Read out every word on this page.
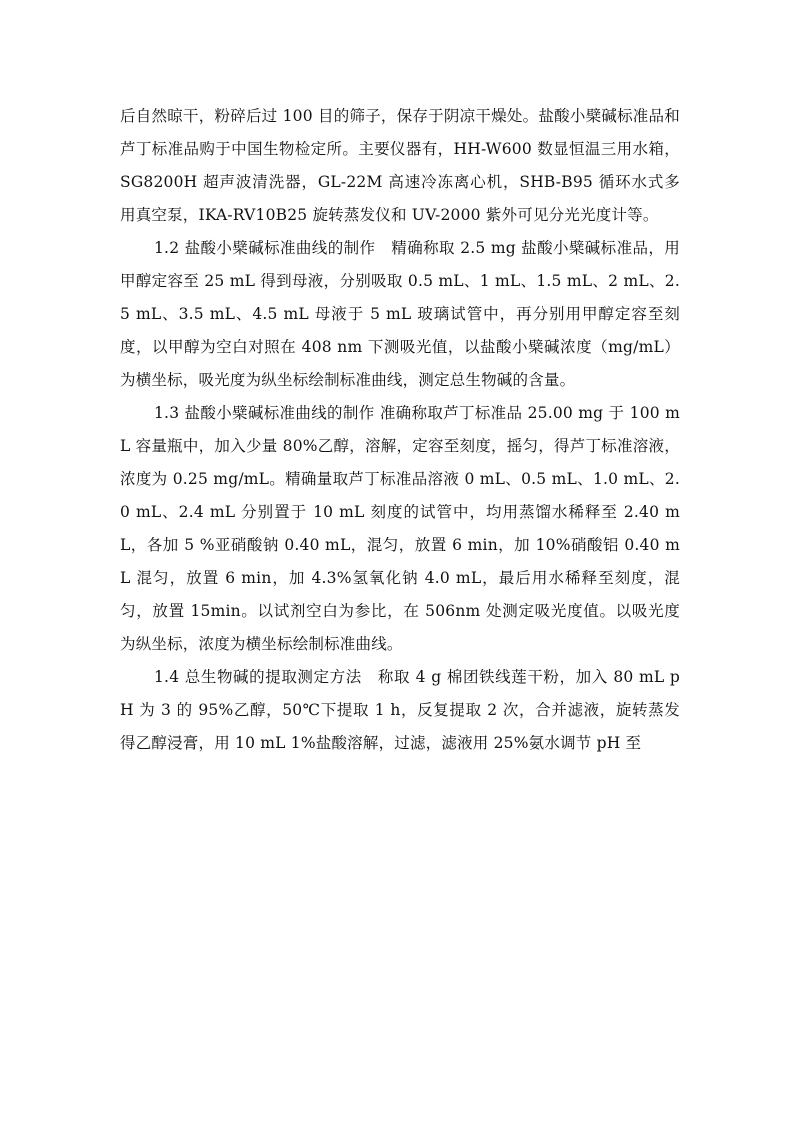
后自然晾干，粉碎后过 100 目的筛子，保存于阴凉干燥处。盐酸小檗碱标准品和芦丁标准品购于中国生物检定所。主要仪器有，HH-W600 数显恒温三用水箱，SG8200H 超声波清洗器，GL-22M 高速冷冻离心机，SHB-B95 循环水式多用真空泵，IKA-RV10B25 旋转蒸发仪和 UV-2000 紫外可见分光光度计等。

1.2 盐酸小檗碱标准曲线的制作　精确称取 2.5 mg 盐酸小檗碱标准品，用甲醇定容至 25 mL 得到母液，分别吸取 0.5 mL、1 mL、1.5 mL、2 mL、2.5 mL、3.5 mL、4.5 mL 母液于 5 mL 玻璃试管中，再分别用甲醇定容至刻度，以甲醇为空白对照在 408 nm 下测吸光值，以盐酸小檗碱浓度（mg/mL）为横坐标，吸光度为纵坐标绘制标准曲线，测定总生物碱的含量。

1.3 盐酸小檗碱标准曲线的制作 准确称取芦丁标准品 25.00 mg 于 100 mL 容量瓶中，加入少量 80%乙醇，溶解，定容至刻度，摇匀，得芦丁标准溶液，浓度为 0.25 mg/mL。精确量取芦丁标准品溶液 0 mL、0.5 mL、1.0 mL、2.0 mL、2.4 mL 分别置于 10 mL 刻度的试管中，均用蒸馏水稀释至 2.40 mL，各加 5 %亚硝酸钠 0.40 mL，混匀，放置 6 min，加 10%硝酸铝 0.40 mL 混匀，放置 6 min，加 4.3%氢氧化钠 4.0 mL，最后用水稀释至刻度，混匀，放置 15min。以试剂空白为参比，在 506nm 处测定吸光度值。以吸光度为纵坐标，浓度为横坐标绘制标准曲线。

1.4 总生物碱的提取测定方法　称取 4 g 棉团铁线莲干粉，加入 80 mL pH 为 3 的 95%乙醇，50℃下提取 1 h，反复提取 2 次，合并滤液，旋转蒸发得乙醇浸膏，用 10 mL 1%盐酸溶解，过滤，滤液用 25%氨水调节 pH 至
